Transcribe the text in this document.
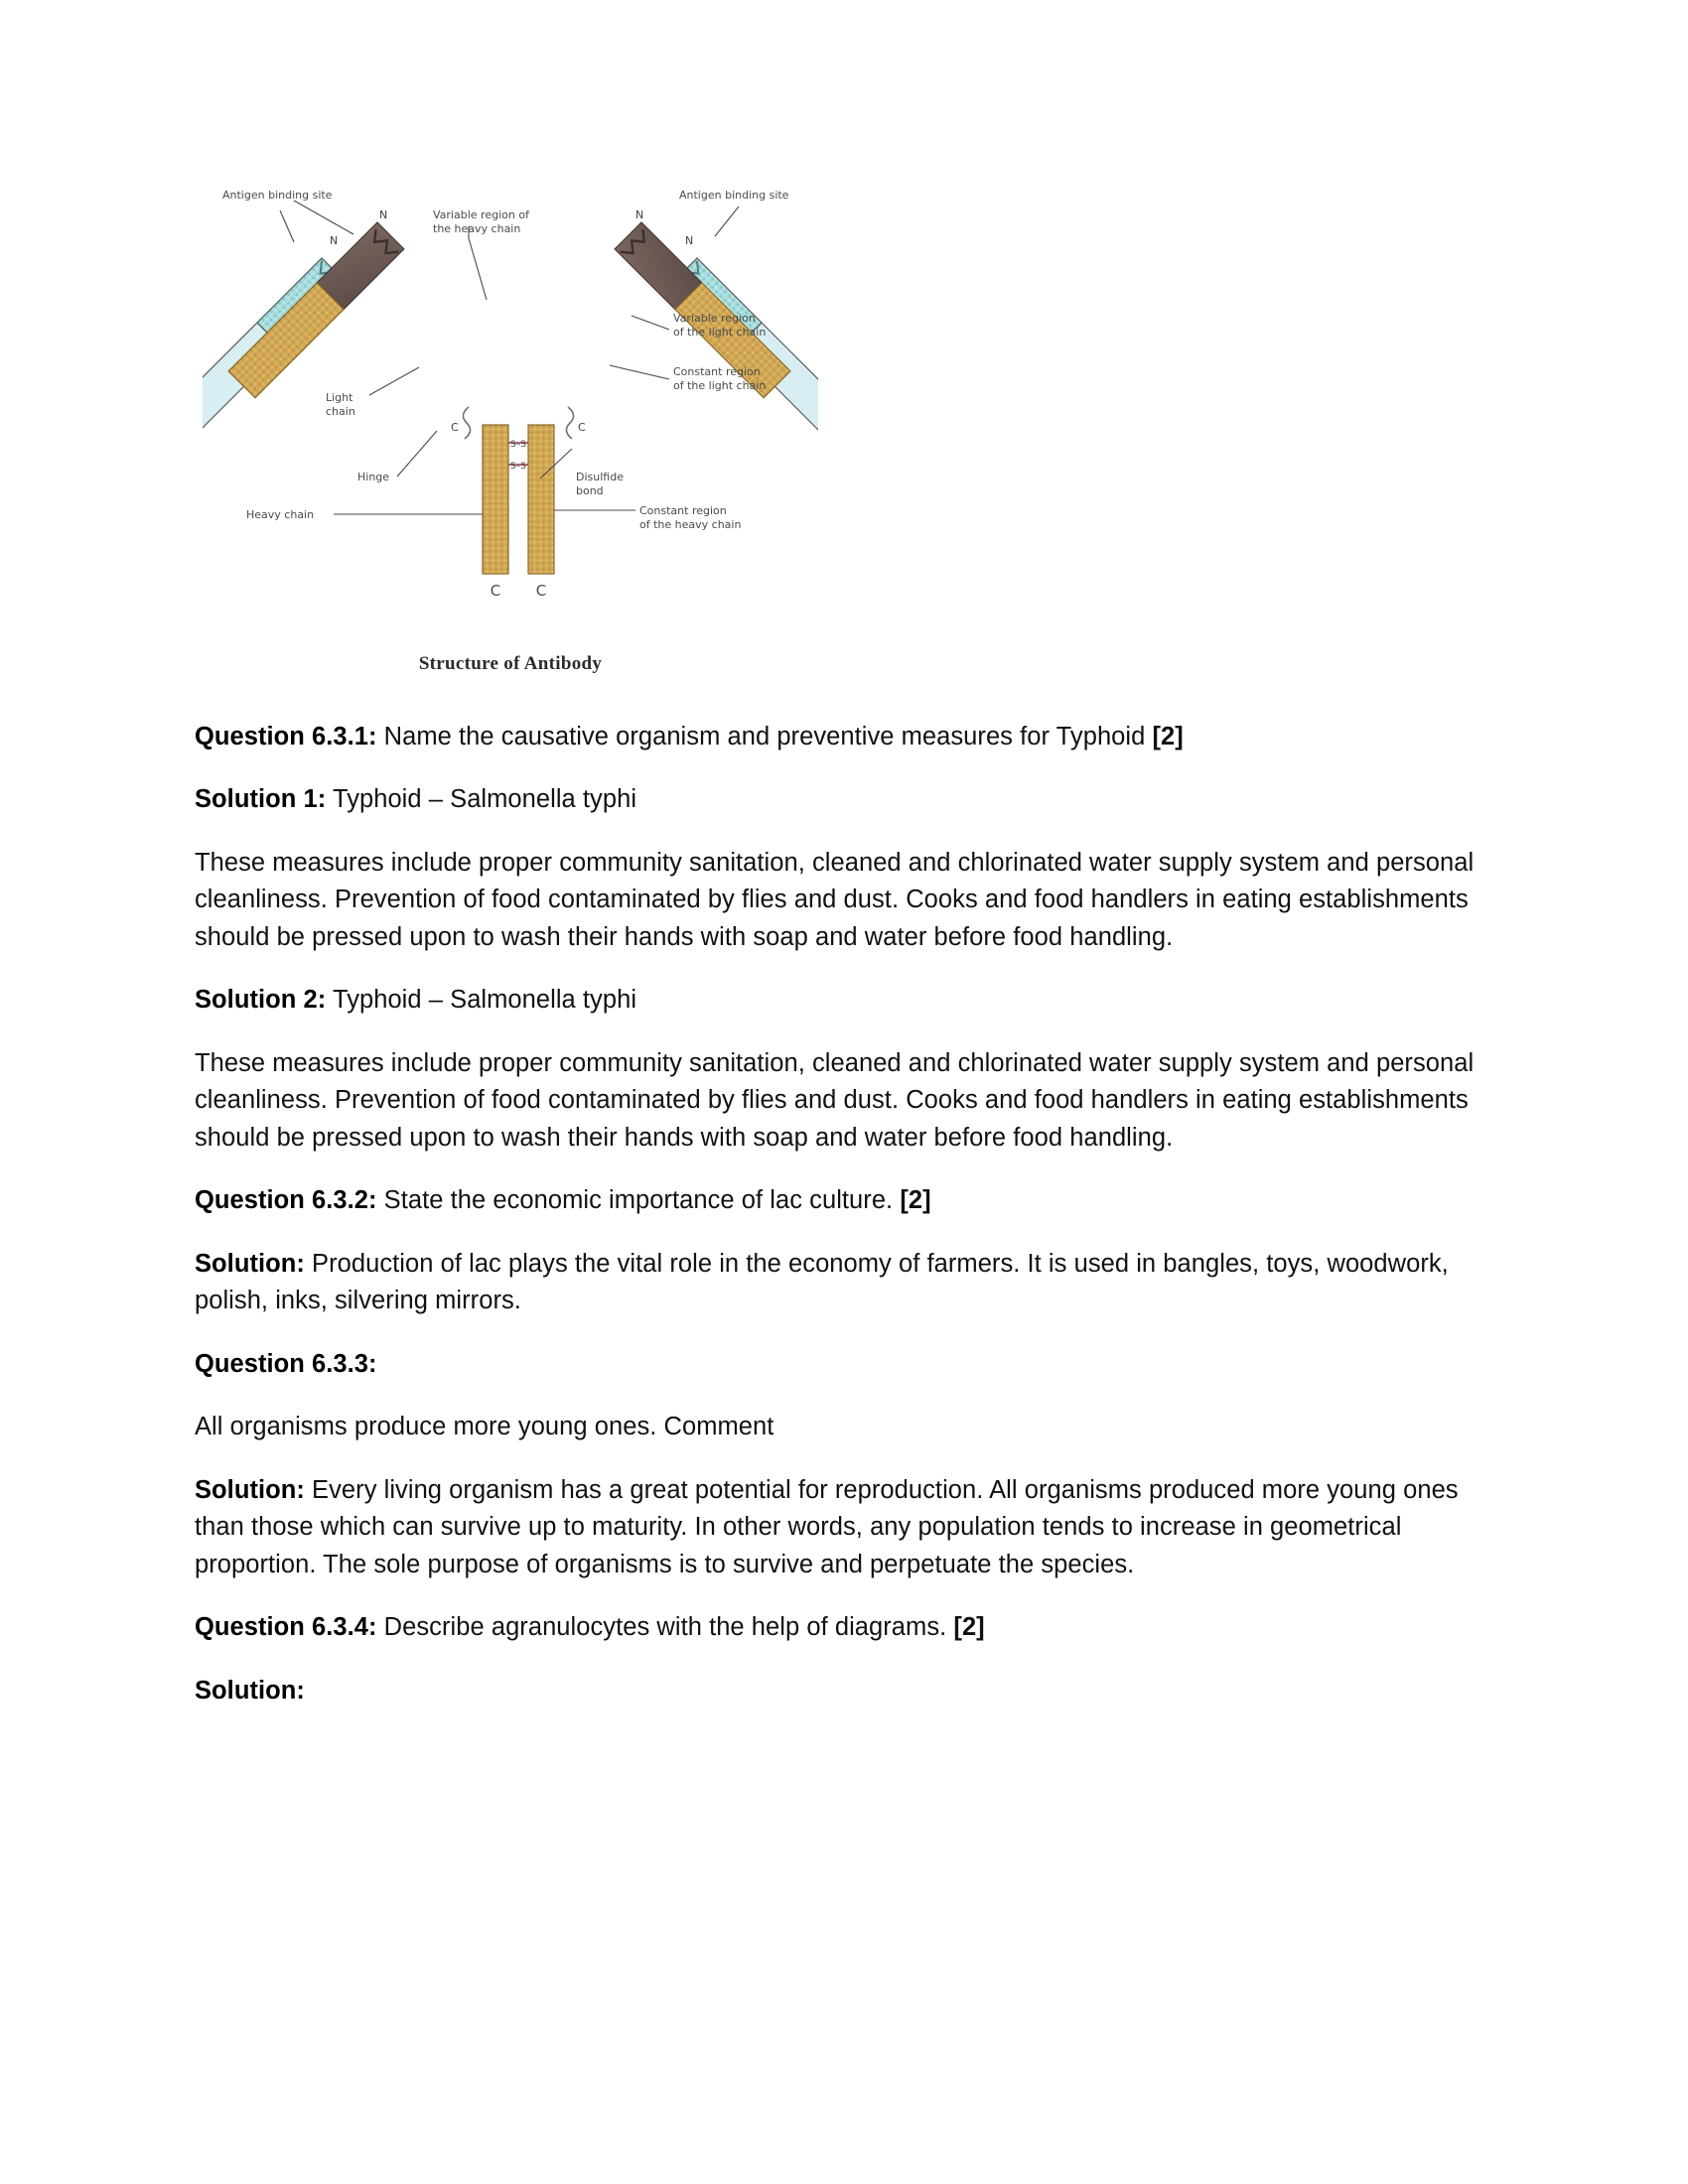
S–S
S–S
N
N	N
N
C	C
C C
Antigen binding site	Antigen binding site
Variable region of
the heavy chain
Variable region
of the light chain
Constant region
of the light chain
Light
chain
Hinge	Disulfide
bond
Heavy chain	Constant region
of the heavy chain
Structure of Antibody

Question 6.3.1: Name the causative organism and preventive measures for Typhoid [2]

Solution 1: Typhoid – Salmonella typhi

These measures include proper community sanitation, cleaned and chlorinated water supply system and personal cleanliness. Prevention of food contaminated by flies and dust. Cooks and food handlers in eating establishments should be pressed upon to wash their hands with soap and water before food handling.

Solution 2: Typhoid – Salmonella typhi

These measures include proper community sanitation, cleaned and chlorinated water supply system and personal cleanliness. Prevention of food contaminated by flies and dust. Cooks and food handlers in eating establishments should be pressed upon to wash their hands with soap and water before food handling.

Question 6.3.2: State the economic importance of lac culture. [2]

Solution: Production of lac plays the vital role in the economy of farmers. It is used in bangles, toys, woodwork, polish, inks, silvering mirrors.

Question 6.3.3:

All organisms produce more young ones. Comment

Solution: Every living organism has a great potential for reproduction. All organisms produced more young ones than those which can survive up to maturity. In other words, any population tends to increase in geometrical proportion. The sole purpose of organisms is to survive and perpetuate the species.

Question 6.3.4: Describe agranulocytes with the help of diagrams. [2]

Solution:
